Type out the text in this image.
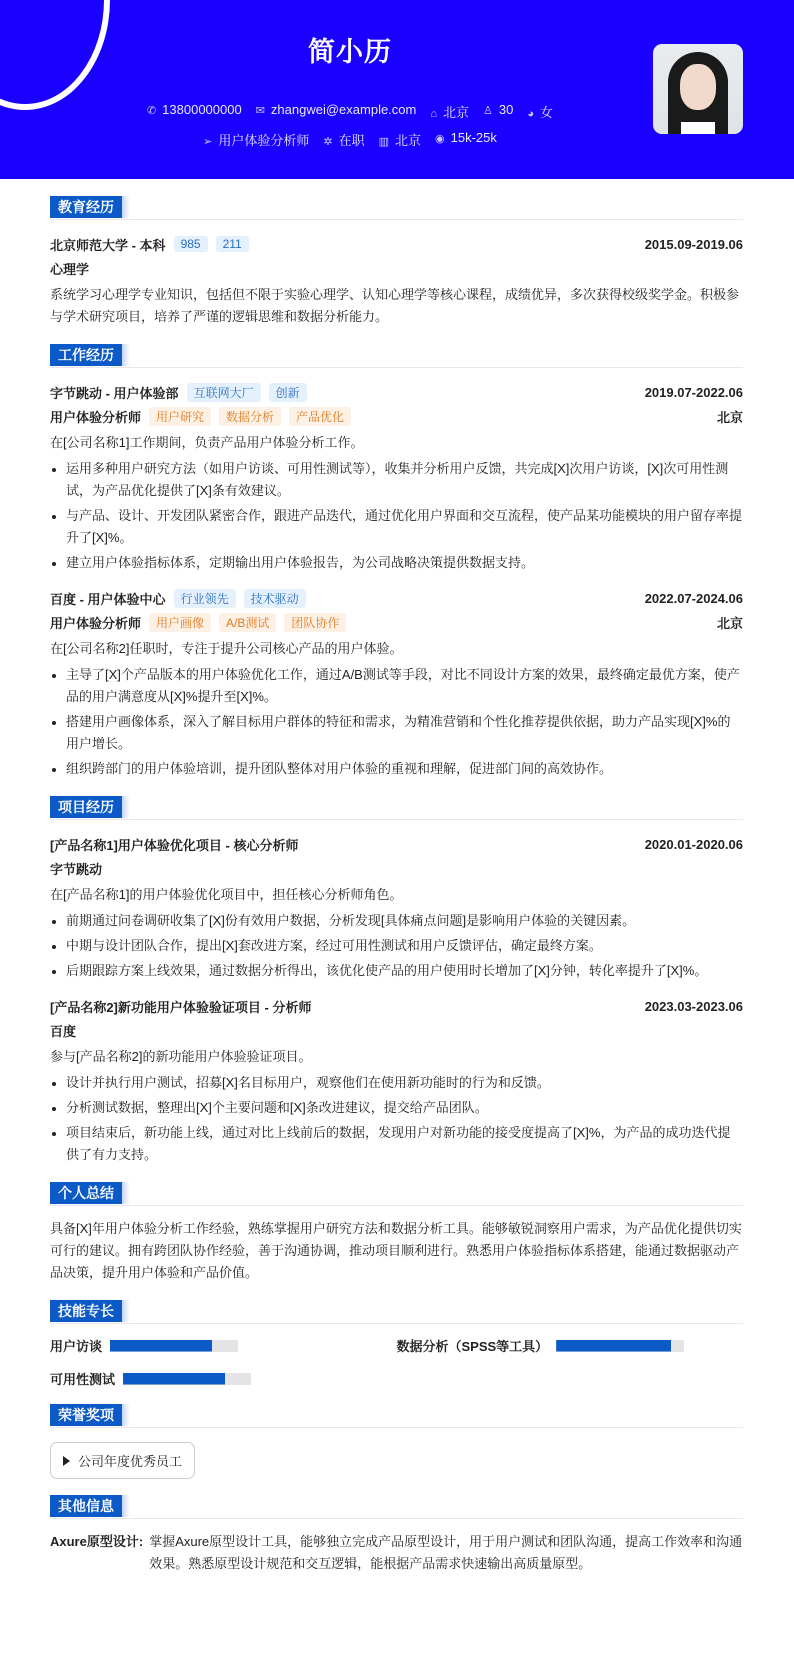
简小历
✆ 13800000000 ✉ zhangwei@example.com ⌂ 北京 ♙ 30 ◕ 女
➢ 用户体验分析师 ✲ 在职 ▥ 北京 ◉ 15k-25k
教育经历
北京师范大学 - 本科	985	211	2015.09-2019.06
心理学

系统学习心理学专业知识，包括但不限于实验心理学、认知心理学等核心课程，成绩优异，多次获得校级奖学金。积极参与学术研究项目，培养了严谨的逻辑思维和数据分析能力。

工作经历
字节跳动 - 用户体验部	互联网大厂	创新	2019.07-2022.06
用户体验分析师	用户研究	数据分析	产品优化	北京

在[公司名称1]工作期间，负责产品用户体验分析工作。

运用多种用户研究方法（如用户访谈、可用性测试等），收集并分析用户反馈，共完成[X]次用户访谈，[X]次可用性测试，为产品优化提供了[X]条有效建议。
与产品、设计、开发团队紧密合作，跟进产品迭代，通过优化用户界面和交互流程，使产品某功能模块的用户留存率提升了[X]%。
建立用户体验指标体系，定期输出用户体验报告，为公司战略决策提供数据支持。
百度 - 用户体验中心	行业领先	技术驱动	2022.07-2024.06
用户体验分析师	用户画像	A/B测试	团队协作	北京

在[公司名称2]任职时，专注于提升公司核心产品的用户体验。

主导了[X]个产品版本的用户体验优化工作，通过A/B测试等手段，对比不同设计方案的效果，最终确定最优方案，使产品的用户满意度从[X]%提升至[X]%。
搭建用户画像体系，深入了解目标用户群体的特征和需求，为精准营销和个性化推荐提供依据，助力产品实现[X]%的用户增长。
组织跨部门的用户体验培训，提升团队整体对用户体验的重视和理解，促进部门间的高效协作。
项目经历
[产品名称1]用户体验优化项目 - 核心分析师	2020.01-2020.06
字节跳动

在[产品名称1]的用户体验优化项目中，担任核心分析师角色。

前期通过问卷调研收集了[X]份有效用户数据，分析发现[具体痛点问题]是影响用户体验的关键因素。
中期与设计团队合作，提出[X]套改进方案，经过可用性测试和用户反馈评估，确定最终方案。
后期跟踪方案上线效果，通过数据分析得出，该优化使产品的用户使用时长增加了[X]分钟，转化率提升了[X]%。
[产品名称2]新功能用户体验验证项目 - 分析师	2023.03-2023.06
百度

参与[产品名称2]的新功能用户体验验证项目。

设计并执行用户测试，招募[X]名目标用户，观察他们在使用新功能时的行为和反馈。
分析测试数据，整理出[X]个主要问题和[X]条改进建议，提交给产品团队。
项目结束后，新功能上线，通过对比上线前后的数据，发现用户对新功能的接受度提高了[X]%，为产品的成功迭代提供了有力支持。
个人总结

具备[X]年用户体验分析工作经验，熟练掌握用户研究方法和数据分析工具。能够敏锐洞察用户需求，为产品优化提供切实可行的建议。拥有跨团队协作经验，善于沟通协调，推动项目顺利进行。熟悉用户体验指标体系搭建，能通过数据驱动产品决策，提升用户体验和产品价值。

技能专长
用户访谈	数据分析（SPSS等工具）
可用性测试
荣誉奖项
公司年度优秀员工
其他信息
Axure原型设计: 掌握Axure原型设计工具，能够独立完成产品原型设计，用于用户测试和团队沟通，提高工作效率和沟通效果。熟悉原型设计规范和交互逻辑，能根据产品需求快速输出高质量原型。
